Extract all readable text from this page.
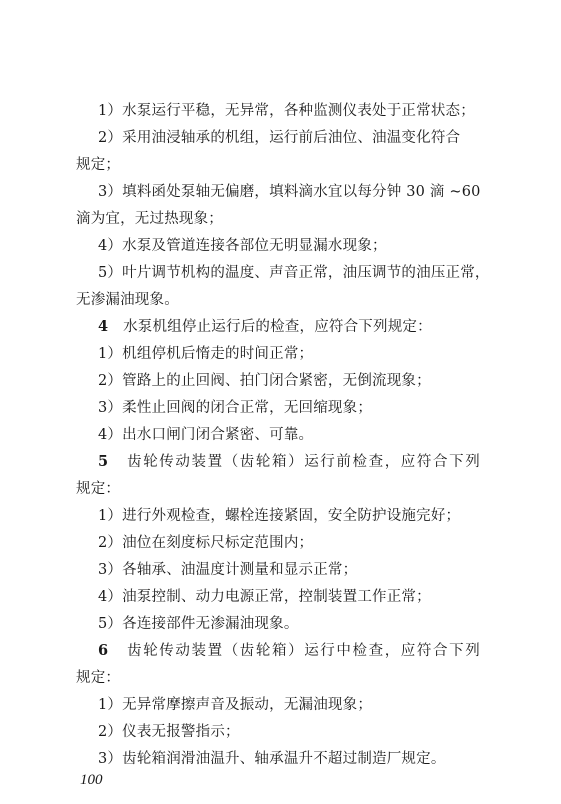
1）水泵运行平稳，无异常，各种监测仪表处于正常状态；
2）采用油浸轴承的机组，运行前后油位、油温变化符合
规定；
3）填料函处泵轴无偏磨，填料滴水宜以每分钟 30 滴 ~60
滴为宜，无过热现象；
4）水泵及管道连接各部位无明显漏水现象；
5）叶片调节机构的温度、声音正常，油压调节的油压正常，
无渗漏油现象。
4 水泵机组停止运行后的检查，应符合下列规定：
1）机组停机后惰走的时间正常；
2）管路上的止回阀、拍门闭合紧密，无倒流现象；
3）柔性止回阀的闭合正常，无回缩现象；
4）出水口闸门闭合紧密、可靠。
5 齿轮传动装置（齿轮箱）运行前检查，应符合下列
规定：
1）进行外观检查，螺栓连接紧固，安全防护设施完好；
2）油位在刻度标尺标定范围内；
3）各轴承、油温度计测量和显示正常；
4）油泵控制、动力电源正常，控制装置工作正常；
5）各连接部件无渗漏油现象。
6 齿轮传动装置（齿轮箱）运行中检查，应符合下列
规定：
1）无异常摩擦声音及振动，无漏油现象；
2）仪表无报警指示；
3）齿轮箱润滑油温升、轴承温升不超过制造厂规定。
100
